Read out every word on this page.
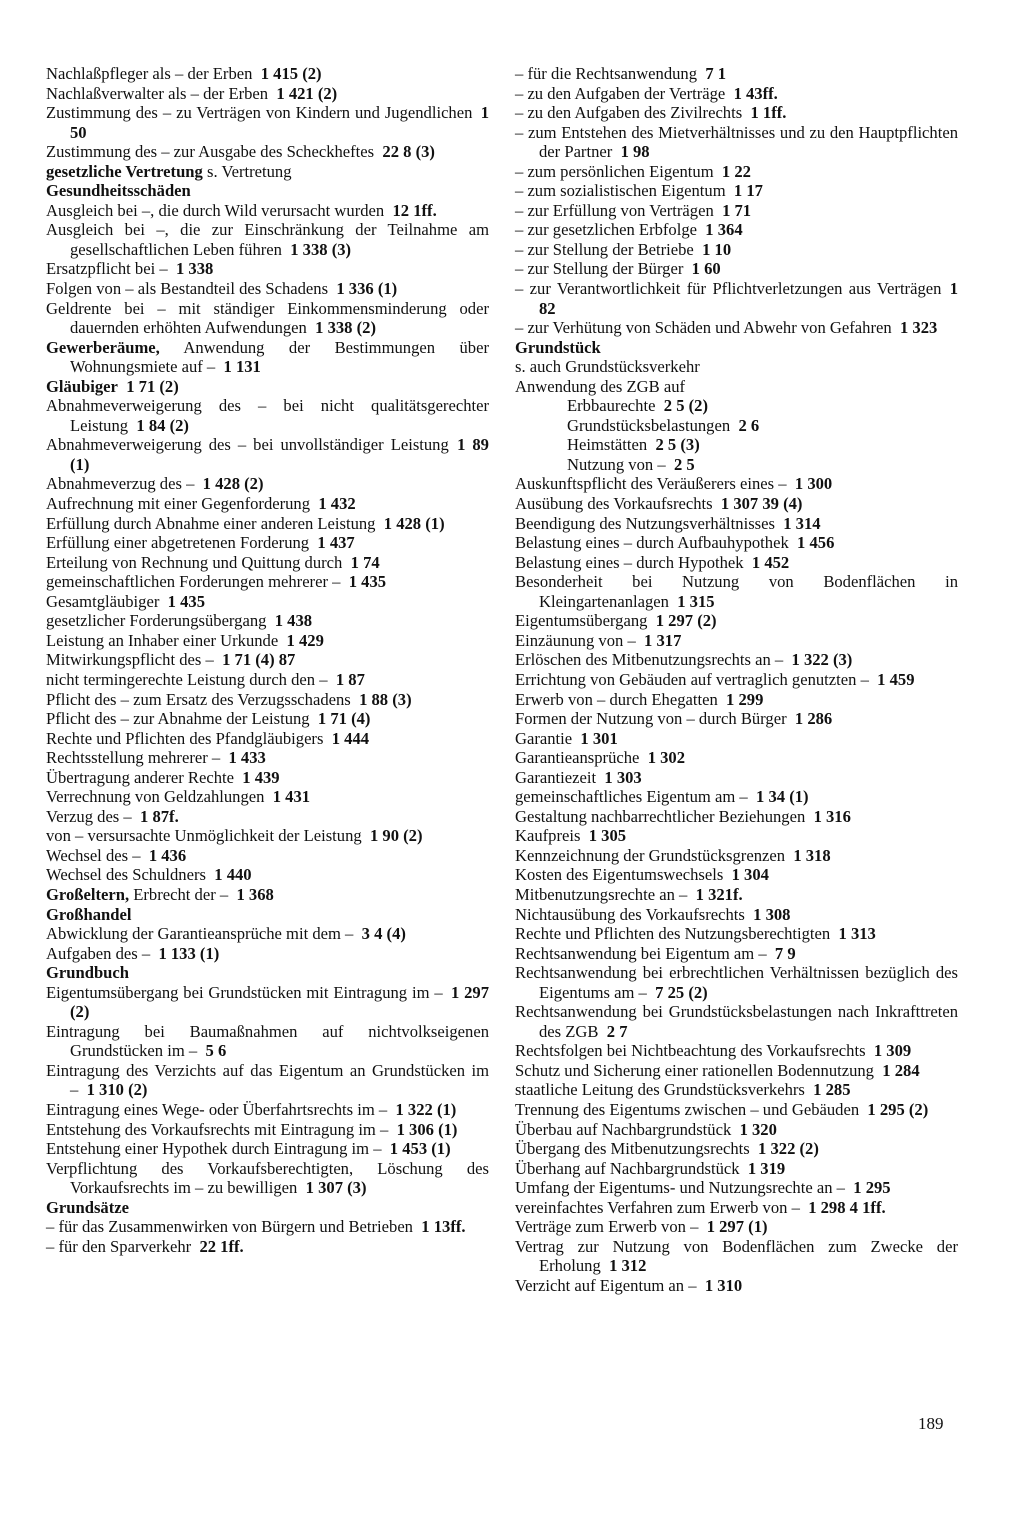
Nachlaßpfleger als – der Erben  1 415 (2)
Nachlaßverwalter als – der Erben  1 421 (2)
Zustimmung des – zu Verträgen von Kindern und Jugendlichen  1 50
Zustimmung des – zur Ausgabe des Scheckheftes  22 8 (3)
gesetzliche Vertretung s. Vertretung
Gesundheitsschäden
Ausgleich bei –, die durch Wild verursacht wurden  12 1ff.
Ausgleich bei –, die zur Einschränkung der Teilnahme am gesellschaftlichen Leben führen  1 338 (3)
Ersatzpflicht bei –  1 338
Folgen von – als Bestandteil des Schadens  1 336 (1)
Geldrente bei – mit ständiger Einkommensminderung oder dauernden erhöhten Aufwendungen  1 338 (2)
Gewerberäume, Anwendung der Bestimmungen über Wohnungsmiete auf –  1 131
Gläubiger  1 71 (2)
Abnahmeverweigerung des – bei nicht qualitätsgerechter Leistung  1 84 (2)
Abnahmeverweigerung des – bei unvollständiger Leistung  1 89 (1)
Abnahmeverzug des –  1 428 (2)
Aufrechnung mit einer Gegenforderung  1 432
Erfüllung durch Abnahme einer anderen Leistung  1 428 (1)
Erfüllung einer abgetretenen Forderung  1 437
Erteilung von Rechnung und Quittung durch  1 74
gemeinschaftlichen Forderungen mehrerer –  1 435
Gesamtgläubiger  1 435
gesetzlicher Forderungsübergang  1 438
Leistung an Inhaber einer Urkunde  1 429
Mitwirkungspflicht des –  1 71 (4) 87
nicht termingerechte Leistung durch den –  1 87
Pflicht des – zum Ersatz des Verzugsschadens  1 88 (3)
Pflicht des – zur Abnahme der Leistung  1 71 (4)
Rechte und Pflichten des Pfandgläubigers  1 444
Rechtsstellung mehrerer –  1 433
Übertragung anderer Rechte  1 439
Verrechnung von Geldzahlungen  1 431
Verzug des –  1 87f.
von – versursachte Unmöglichkeit der Leistung  1 90 (2)
Wechsel des –  1 436
Wechsel des Schuldners  1 440
Großeltern, Erbrecht der –  1 368
Großhandel
Abwicklung der Garantieansprüche mit dem –  3 4 (4)
Aufgaben des –  1 133 (1)
Grundbuch
Eigentumsübergang bei Grundstücken mit Eintragung im –  1 297 (2)
Eintragung bei Baumaßnahmen auf nichtvolkseigenen Grundstücken im –  5 6
Eintragung des Verzichts auf das Eigentum an Grundstücken im –  1 310 (2)
Eintragung eines Wege- oder Überfahrtsrechts im –  1 322 (1)
Entstehung des Vorkaufsrechts mit Eintragung im –  1 306 (1)
Entstehung einer Hypothek durch Eintragung im –  1 453 (1)
Verpflichtung des Vorkaufsberechtigten, Löschung des Vorkaufsrechts im – zu bewilligen  1 307 (3)
Grundsätze
– für das Zusammenwirken von Bürgern und Betrieben  1 13ff.
– für den Sparverkehr  22 1ff.
– für die Rechtsanwendung  7 1
– zu den Aufgaben der Verträge  1 43ff.
– zu den Aufgaben des Zivilrechts  1 1ff.
– zum Entstehen des Mietverhältnisses und zu den Hauptpflichten der Partner  1 98
– zum persönlichen Eigentum  1 22
– zum sozialistischen Eigentum  1 17
– zur Erfüllung von Verträgen  1 71
– zur gesetzlichen Erbfolge  1 364
– zur Stellung der Betriebe  1 10
– zur Stellung der Bürger  1 60
– zur Verantwortlichkeit für Pflichtverletzungen aus Verträgen  1 82
– zur Verhütung von Schäden und Abwehr von Gefahren  1 323
Grundstück
s. auch Grundstücksverkehr
Anwendung des ZGB auf
Erbbaurechte  2 5 (2)
Grundstücksbelastungen  2 6
Heimstätten  2 5 (3)
Nutzung von –  2 5
Auskunftspflicht des Veräußerers eines –  1 300
Ausübung des Vorkaufsrechts  1 307 39 (4)
Beendigung des Nutzungsverhältnisses  1 314
Belastung eines – durch Aufbauhypothek  1 456
Belastung eines – durch Hypothek  1 452
Besonderheit bei Nutzung von Bodenflächen in Kleingartenanlagen  1 315
Eigentumsübergang  1 297 (2)
Einzäunung von –  1 317
Erlöschen des Mitbenutzungsrechts an –  1 322 (3)
Errichtung von Gebäuden auf vertraglich genutzten –  1 459
Erwerb von – durch Ehegatten  1 299
Formen der Nutzung von – durch Bürger  1 286
Garantie  1 301
Garantieansprüche  1 302
Garantiezeit  1 303
gemeinschaftliches Eigentum am –  1 34 (1)
Gestaltung nachbarrechtlicher Beziehungen  1 316
Kaufpreis  1 305
Kennzeichnung der Grundstücksgrenzen  1 318
Kosten des Eigentumswechsels  1 304
Mitbenutzungsrechte an –  1 321f.
Nichtausübung des Vorkaufsrechts  1 308
Rechte und Pflichten des Nutzungsberechtigten  1 313
Rechtsanwendung bei Eigentum am –  7 9
Rechtsanwendung bei erbrechtlichen Verhältnissen bezüglich des Eigentums am –  7 25 (2)
Rechtsanwendung bei Grundstücksbelastungen nach Inkrafttreten des ZGB  2 7
Rechtsfolgen bei Nichtbeachtung des Vorkaufsrechts  1 309
Schutz und Sicherung einer rationellen Bodennutzung  1 284
staatliche Leitung des Grundstücksverkehrs  1 285
Trennung des Eigentums zwischen – und Gebäuden  1 295 (2)
Überbau auf Nachbargrundstück  1 320
Übergang des Mitbenutzungsrechts  1 322 (2)
Überhang auf Nachbargrundstück  1 319
Umfang der Eigentums- und Nutzungsrechte an –  1 295
vereinfachtes Verfahren zum Erwerb von –  1 298 4 1ff.
Verträge zum Erwerb von –  1 297 (1)
Vertrag zur Nutzung von Bodenflächen zum Zwecke der Erholung  1 312
Verzicht auf Eigentum an –  1 310
189
